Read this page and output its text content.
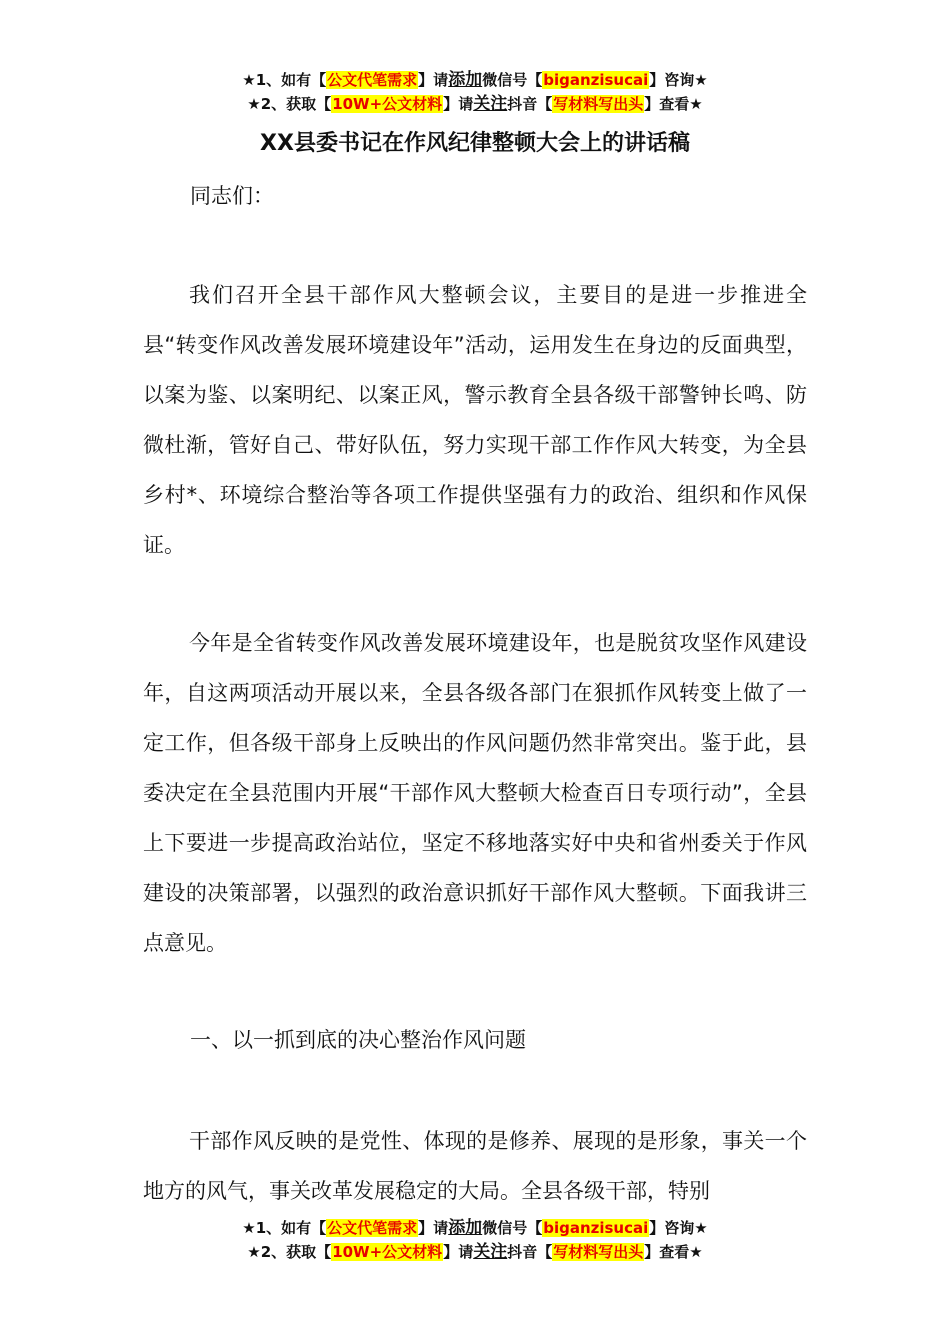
★1、如有【公文代笔需求】请添加微信号【biganzisucai】咨询★
★2、获取【10W+公文材料】请关注抖音【写材料写出头】查看★
XX县委书记在作风纪律整顿大会上的讲话稿
同志们：

我们召开全县干部作风大整顿会议，主要目的是进一步推进全县“转变作风改善发展环境建设年”活动，运用发生在身边的反面典型，以案为鉴、以案明纪、以案正风，警示教育全县各级干部警钟长鸣、防微杜渐，管好自己、带好队伍，努力实现干部工作作风大转变，为全县乡村*、环境综合整治等各项工作提供坚强有力的政治、组织和作风保证。

今年是全省转变作风改善发展环境建设年，也是脱贫攻坚作风建设年，自这两项活动开展以来，全县各级各部门在狠抓作风转变上做了一定工作，但各级干部身上反映出的作风问题仍然非常突出。鉴于此，县委决定在全县范围内开展“干部作风大整顿大检查百日专项行动”，全县上下要进一步提高政治站位，坚定不移地落实好中央和省州委关于作风建设的决策部署，以强烈的政治意识抓好干部作风大整顿。下面我讲三点意见。

一、以一抓到底的决心整治作风问题

干部作风反映的是党性、体现的是修养、展现的是形象，事关一个地方的风气，事关改革发展稳定的大局。全县各级干部，特别

★1、如有【公文代笔需求】请添加微信号【biganzisucai】咨询★
★2、获取【10W+公文材料】请关注抖音【写材料写出头】查看★
